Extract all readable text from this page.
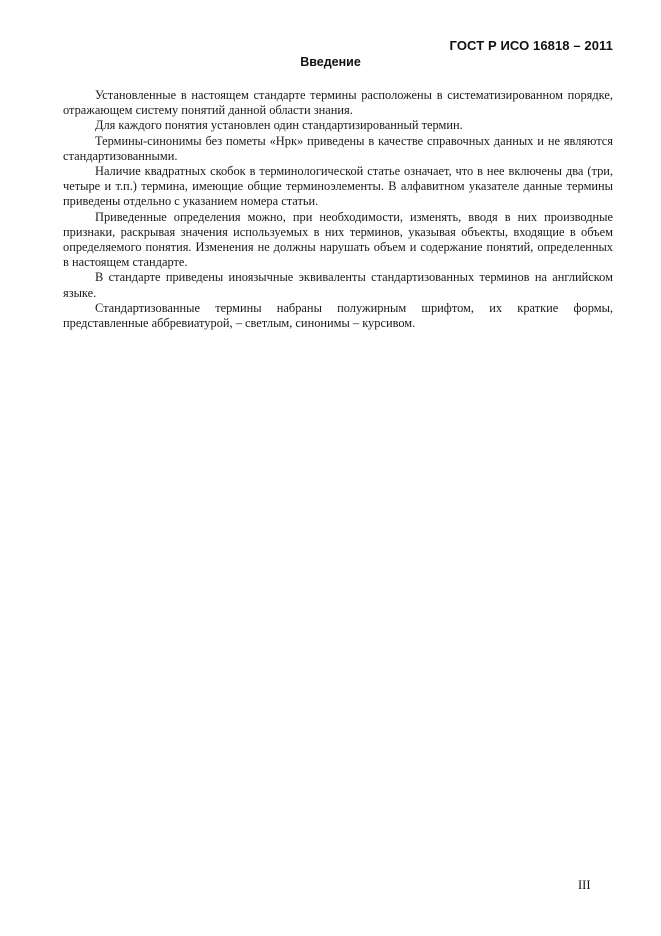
ГОСТ Р ИСО 16818 – 2011
Введение

Установленные в настоящем стандарте термины расположены в систематизированном порядке, отражающем систему понятий данной области знания.

Для каждого понятия установлен один стандартизированный термин.

Термины-синонимы без пометы «Нрк» приведены в качестве справочных данных и не являются стандартизованными.

Наличие квадратных скобок в терминологической статье означает, что в нее включены два (три, четыре и т.п.) термина, имеющие общие терминоэлементы. В алфавитном указателе данные термины приведены отдельно с указанием номера статьи.

Приведенные определения можно, при необходимости, изменять, вводя в них производные признаки, раскрывая значения используемых в них терминов, указывая объекты, входящие в объем определяемого понятия. Изменения не должны нарушать объем и содержание понятий, определенных в настоящем стандарте.

В стандарте приведены иноязычные эквиваленты стандартизованных терминов на английском языке.

Стандартизованные термины набраны полужирным шрифтом, их краткие формы, представленные аббревиатурой, – светлым, синонимы – курсивом.

III
